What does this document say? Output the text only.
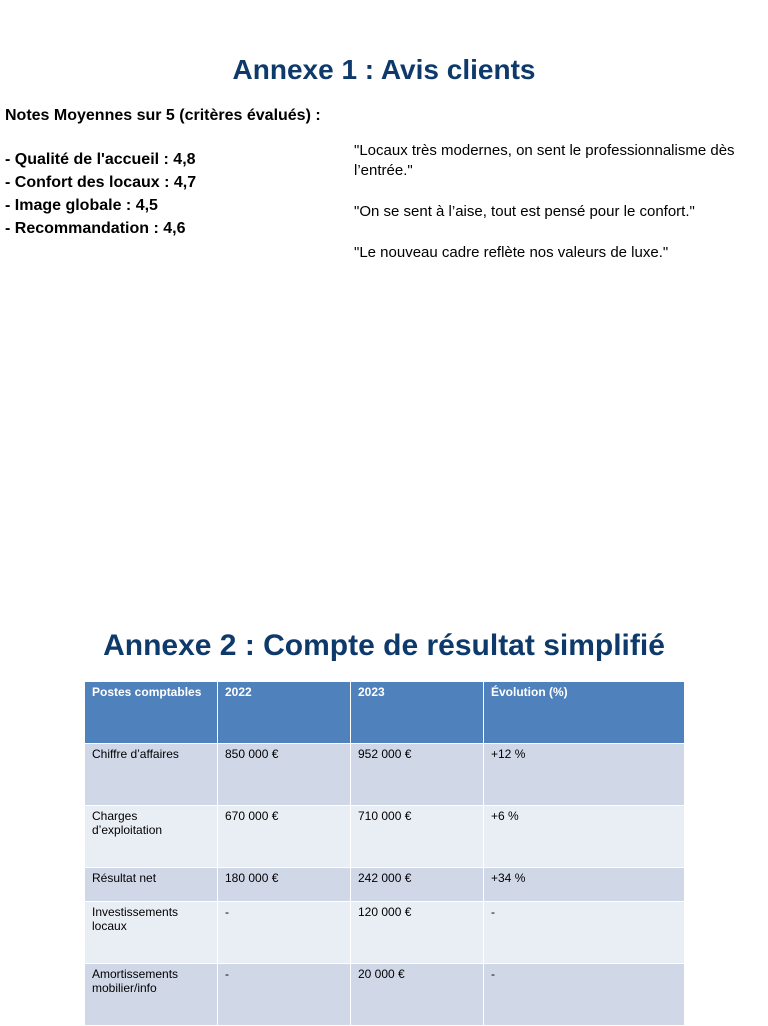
Annexe 1 : Avis clients

Notes Moyennes sur 5 (critères évalués) :

- Qualité de l'accueil : 4,8
- Confort des locaux : 4,7
- Image globale : 4,5
- Recommandation : 4,6

"Locaux très modernes, on sent le professionnalisme dès l’entrée."

"On se sent à l’aise, tout est pensé pour le confort."

"Le nouveau cadre reflète nos valeurs de luxe."

Annexe 2 : Compte de résultat simplifié
Postes comptables	2022	2023	Évolution (%)
Chiffre d’affaires	850 000 €	952 000 €	+12 %
Charges d’exploitation	670 000 €	710 000 €	+6 %
Résultat net	180 000 €	242 000 €	+34 %
Investissements locaux	-	120 000 €	-
Amortissements mobilier/info	-	20 000 €	-
